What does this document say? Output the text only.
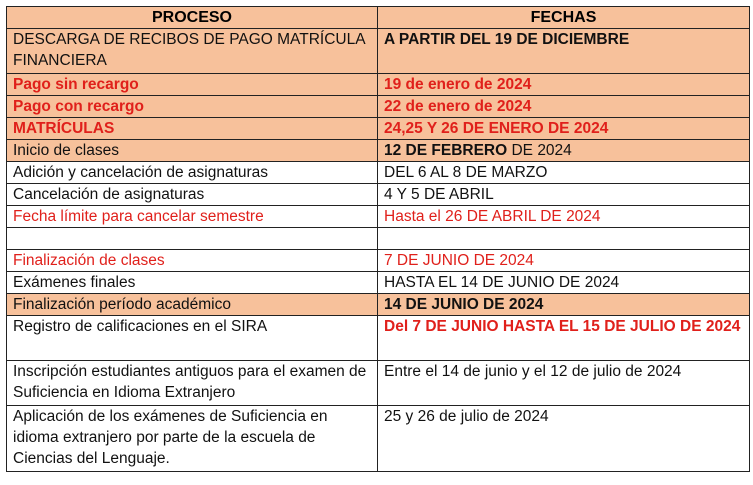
PROCESO	FECHAS
DESCARGA DE RECIBOS DE PAGO MATRÍCULA FINANCIERA	A PARTIR DEL 19 DE DICIEMBRE
Pago sin recargo	19 de enero de 2024
Pago con recargo	22 de enero de 2024
MATRÍCULAS	24,25 Y 26 DE ENERO DE 2024
Inicio de clases	12 DE FEBRERO DE 2024
Adición y cancelación de asignaturas	DEL 6 AL 8 DE MARZO
Cancelación de asignaturas	4 Y 5 DE ABRIL
Fecha límite para cancelar semestre	Hasta el 26 DE ABRIL DE 2024

Finalización de clases	7 DE JUNIO DE 2024
Exámenes finales	HASTA EL 14 DE JUNIO DE 2024
Finalización período académico	14 DE JUNIO DE 2024
Registro de calificaciones en el SIRA	Del 7 DE JUNIO HASTA EL 15 DE JULIO DE 2024
Inscripción estudiantes antiguos para el examen de Suficiencia en Idioma Extranjero	Entre el 14 de junio y el 12 de julio de 2024
Aplicación de los exámenes de Suficiencia en idioma extranjero por parte de la escuela de Ciencias del Lenguaje.	25 y 26 de julio de 2024
